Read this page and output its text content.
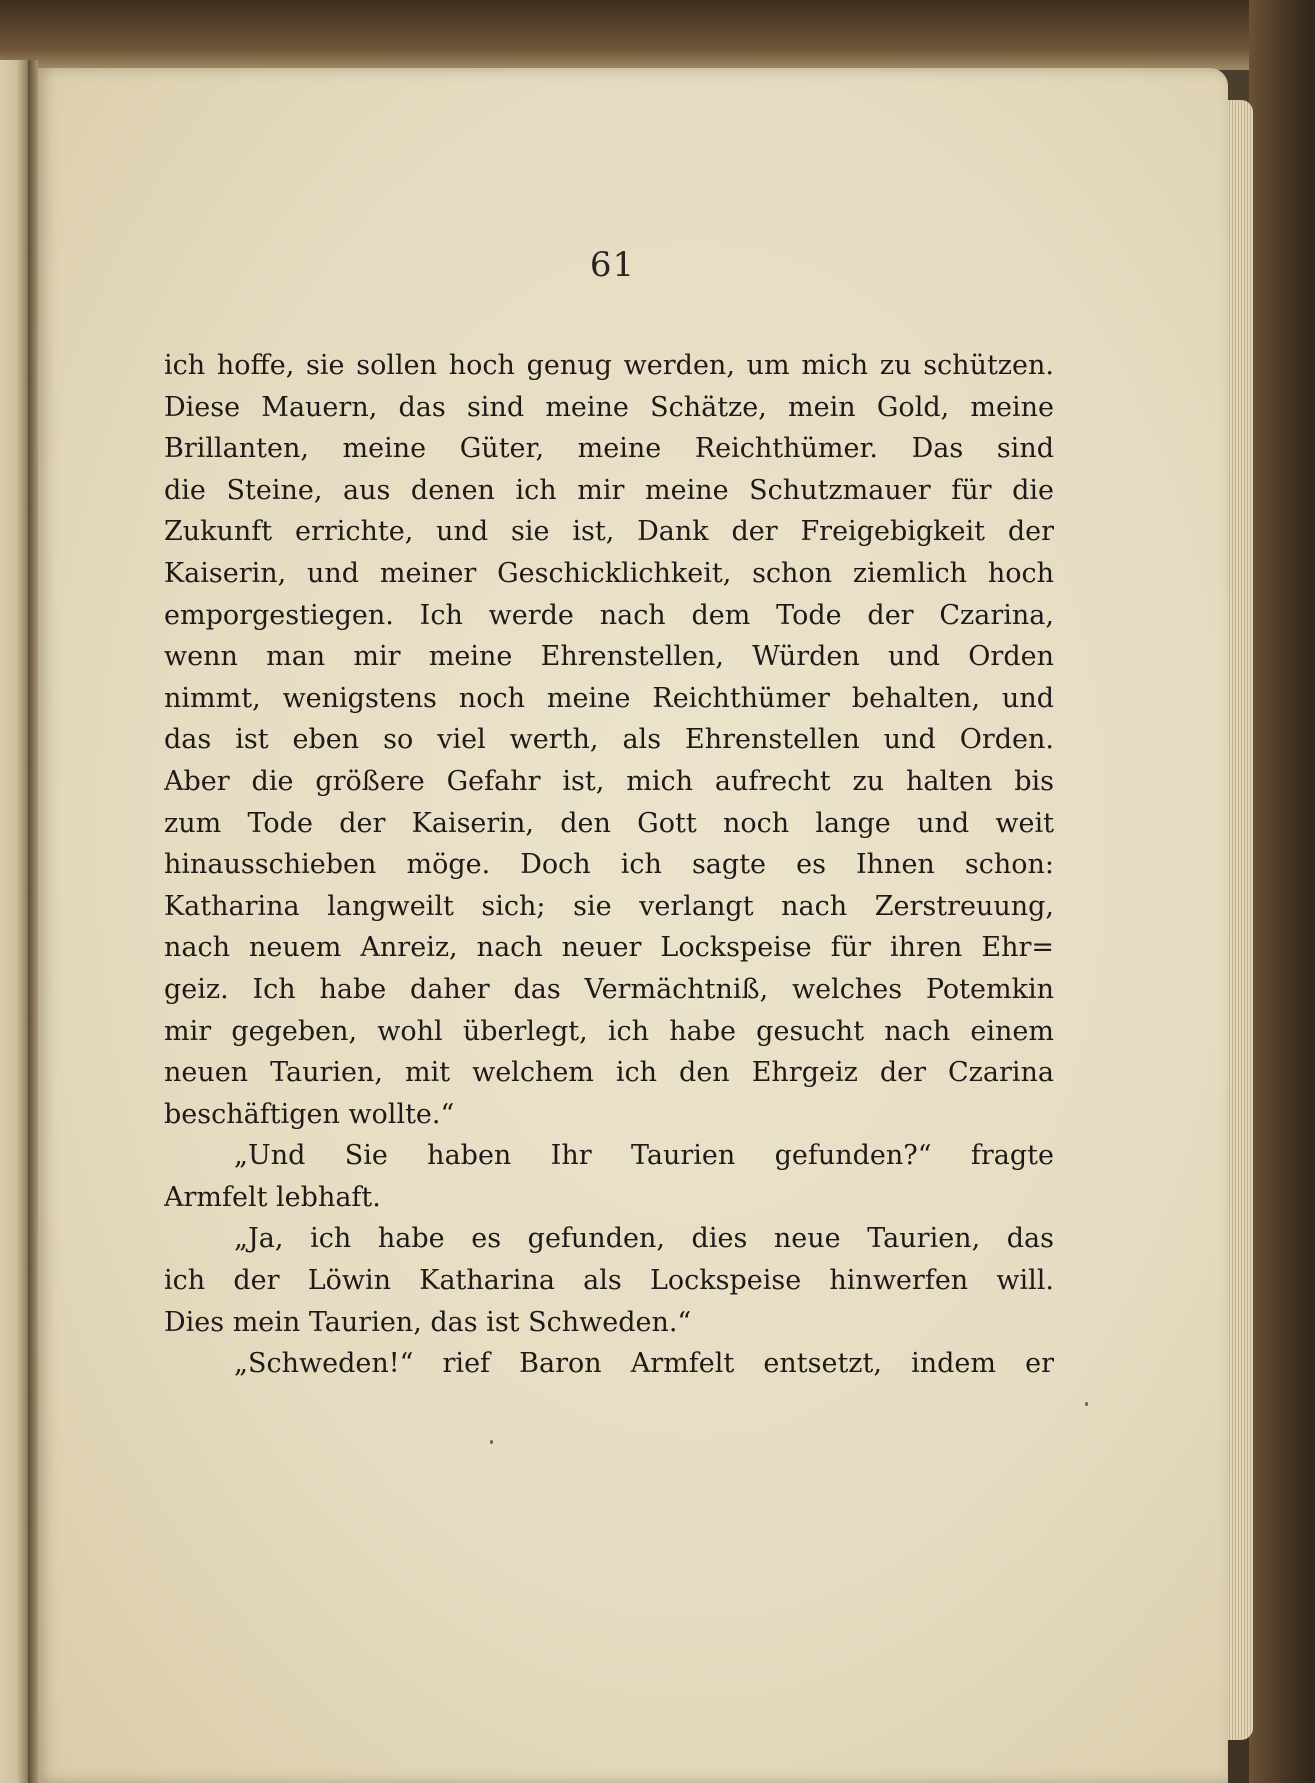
61
ich hoffe, sie sollen hoch genug werden, um mich zu schützen.
Diese Mauern, das sind meine Schätze, mein Gold, meine
Brillanten, meine Güter, meine Reichthümer. Das sind
die Steine, aus denen ich mir meine Schutzmauer für die
Zukunft errichte, und sie ist, Dank der Freigebigkeit der
Kaiserin, und meiner Geschicklichkeit, schon ziemlich hoch
emporgestiegen. Ich werde nach dem Tode der Czarina,
wenn man mir meine Ehrenstellen, Würden und Orden
nimmt, wenigstens noch meine Reichthümer behalten, und
das ist eben so viel werth, als Ehrenstellen und Orden.
Aber die größere Gefahr ist, mich aufrecht zu halten bis
zum Tode der Kaiserin, den Gott noch lange und weit
hinausschieben möge. Doch ich sagte es Ihnen schon:
Katharina langweilt sich; sie verlangt nach Zerstreuung,
nach neuem Anreiz, nach neuer Lockspeise für ihren Ehr=
geiz. Ich habe daher das Vermächtniß, welches Potemkin
mir gegeben, wohl überlegt, ich habe gesucht nach einem
neuen Taurien, mit welchem ich den Ehrgeiz der Czarina
beschäftigen wollte.“
„Und Sie haben Ihr Taurien gefunden?“ fragte
Armfelt lebhaft.
„Ja, ich habe es gefunden, dies neue Taurien, das
ich der Löwin Katharina als Lockspeise hinwerfen will.
Dies mein Taurien, das ist Schweden.“
„Schweden!“ rief Baron Armfelt entsetzt, indem er
